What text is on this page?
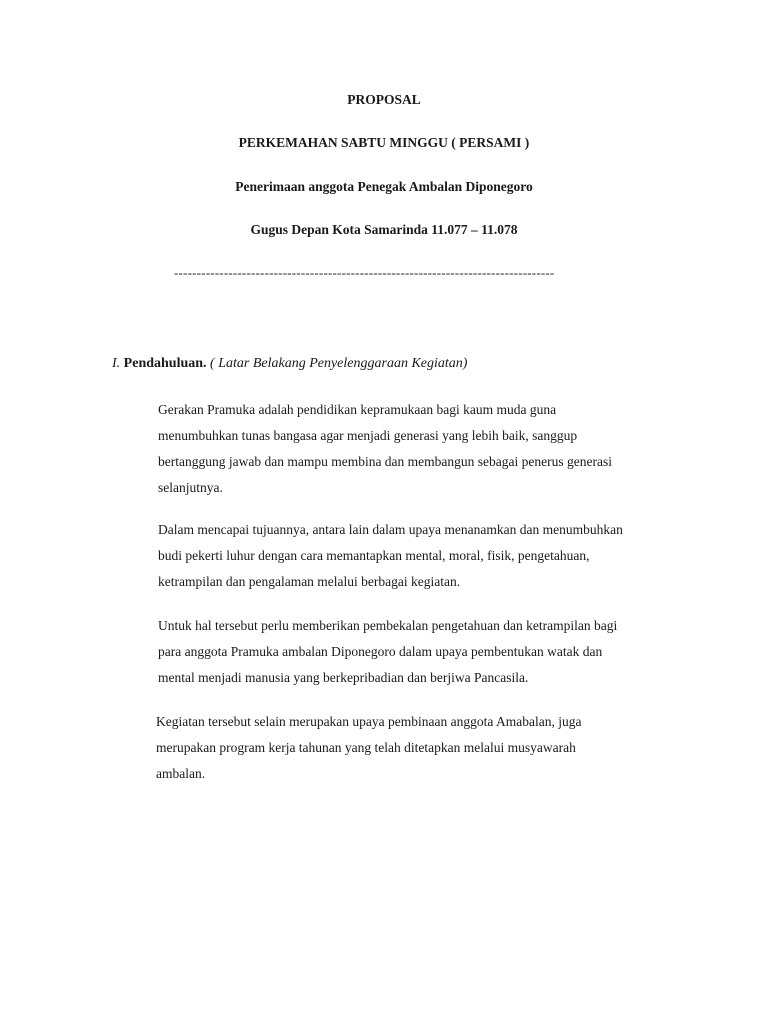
PROPOSAL
PERKEMAHAN SABTU MINGGU ( PERSAMI )
Penerimaan anggota Penegak Ambalan Diponegoro
Gugus Depan Kota Samarinda 11.077 – 11.078
------------------------------------------------------------------------------------
I. Pendahuluan. ( Latar Belakang Penyelenggaraan Kegiatan)
Gerakan Pramuka adalah pendidikan kepramukaan bagi kaum muda guna
menumbuhkan tunas bangasa agar menjadi generasi yang lebih baik, sanggup
bertanggung jawab dan mampu membina dan membangun sebagai penerus generasi
selanjutnya.
Dalam mencapai tujuannya, antara lain dalam upaya menanamkan dan menumbuhkan
budi pekerti luhur dengan cara memantapkan mental, moral, fisik, pengetahuan,
ketrampilan dan pengalaman melalui berbagai kegiatan.
Untuk hal tersebut perlu memberikan pembekalan pengetahuan dan ketrampilan bagi
para anggota Pramuka ambalan Diponegoro dalam upaya pembentukan watak dan
mental menjadi manusia yang berkepribadian dan berjiwa Pancasila.
Kegiatan tersebut selain merupakan upaya pembinaan anggota Amabalan, juga
merupakan program kerja tahunan yang telah ditetapkan melalui musyawarah
ambalan.
